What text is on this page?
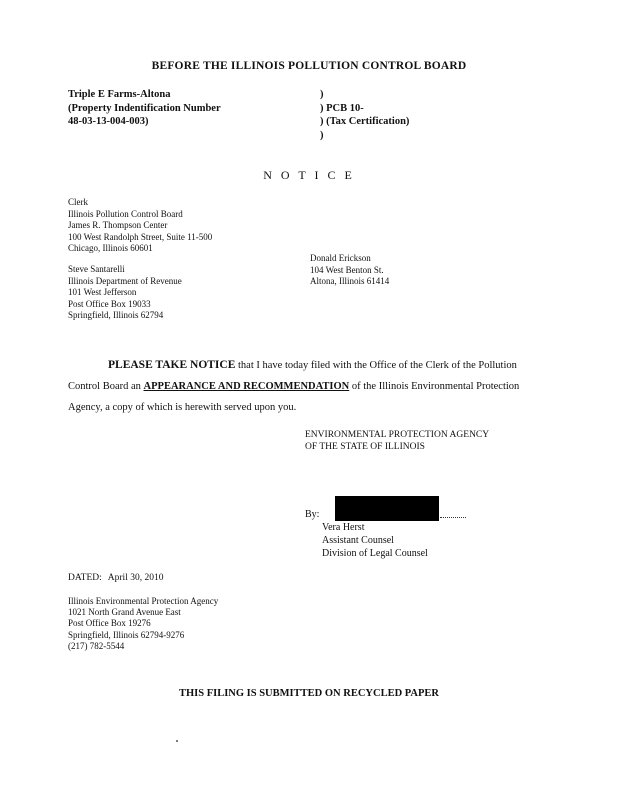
BEFORE THE ILLINOIS POLLUTION CONTROL BOARD
Triple E Farms-Altona
(Property Indentification Number
48-03-13-004-003)
)
) PCB 10-
) (Tax Certification)
)
N O T I C E
Clerk
Illinois Pollution Control Board
James R. Thompson Center
100 West Randolph Street, Suite 11-500
Chicago, Illinois 60601
Donald Erickson
104 West Benton St.
Altona, Illinois 61414
Steve Santarelli
Illinois Department of Revenue
101 West Jefferson
Post Office Box 19033
Springfield, Illinois 62794
PLEASE TAKE NOTICE that I have today filed with the Office of the Clerk of the Pollution Control Board an APPEARANCE AND RECOMMENDATION of the Illinois Environmental Protection Agency, a copy of which is herewith served upon you.
ENVIRONMENTAL PROTECTION AGENCY
OF THE STATE OF ILLINOIS
By:
Vera Herst
Assistant Counsel
Division of Legal Counsel
DATED: April 30, 2010
Illinois Environmental Protection Agency
1021 North Grand Avenue East
Post Office Box 19276
Springfield, Illinois 62794-9276
(217) 782-5544
THIS FILING IS SUBMITTED ON RECYCLED PAPER
